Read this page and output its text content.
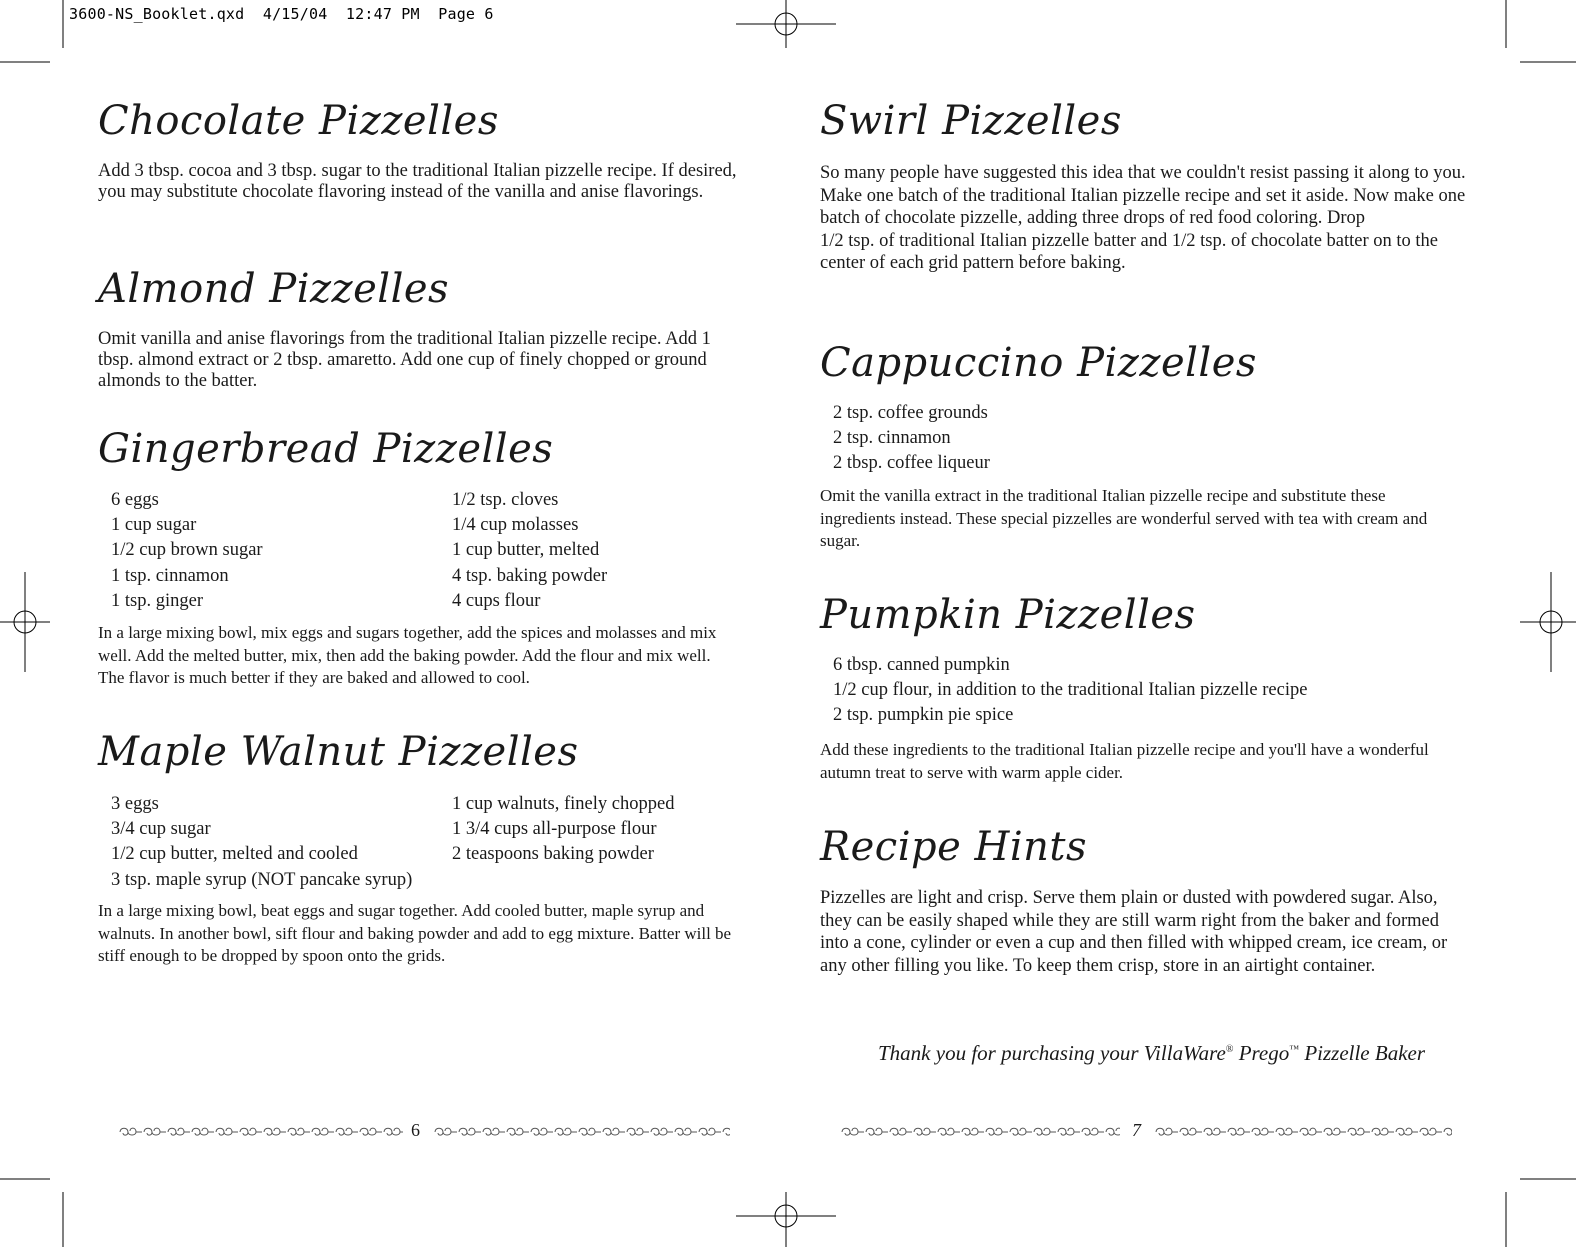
3600-NS_Booklet.qxd  4/15/04  12:47 PM  Page 6
Chocolate Pizzelles
Add 3 tbsp. cocoa and 3 tbsp. sugar to the traditional Italian pizzelle recipe. If desired, you may substitute chocolate flavoring instead of the vanilla and anise flavorings.
Almond Pizzelles
Omit vanilla and anise flavorings from the traditional Italian pizzelle recipe. Add 1 tbsp. almond extract or 2 tbsp. amaretto. Add one cup of finely chopped or ground almonds to the batter.
Gingerbread Pizzelles
6 eggs
1 cup sugar
1/2 cup brown sugar
1 tsp. cinnamon
1 tsp. ginger
1/2 tsp. cloves
1/4 cup molasses
1 cup butter, melted
4 tsp. baking powder
4 cups flour
In a large mixing bowl, mix eggs and sugars together, add the spices and molasses and mix well. Add the melted butter, mix, then add the baking powder. Add the flour and mix well. The flavor is much better if they are baked and allowed to cool.
Maple Walnut Pizzelles
3 eggs
3/4 cup sugar
1/2 cup butter, melted and cooled
3 tsp. maple syrup (NOT pancake syrup)
1 cup walnuts, finely chopped
1 3/4 cups all-purpose flour
2 teaspoons baking powder
In a large mixing bowl, beat eggs and sugar together. Add cooled butter, maple syrup and walnuts. In another bowl, sift flour and baking powder and add to egg mixture. Batter will be stiff enough to be dropped by spoon onto the grids.
Swirl Pizzelles
So many people have suggested this idea that we couldn't resist passing it along to you. Make one batch of the traditional Italian pizzelle recipe and set it aside. Now make one batch of chocolate pizzelle, adding three drops of red food coloring. Drop
1/2 tsp. of traditional Italian pizzelle batter and 1/2 tsp. of chocolate batter on to the center of each grid pattern before baking.
Cappuccino Pizzelles
2 tsp. coffee grounds
2 tsp. cinnamon
2 tbsp. coffee liqueur
Omit the vanilla extract in the traditional Italian pizzelle recipe and substitute these ingredients instead. These special pizzelles are wonderful served with tea with cream and sugar.
Pumpkin Pizzelles
6 tbsp. canned pumpkin
1/2 cup flour, in addition to the traditional Italian pizzelle recipe
2 tsp. pumpkin pie spice
Add these ingredients to the traditional Italian pizzelle recipe and you'll have a wonderful autumn treat to serve with warm apple cider.
Recipe Hints
Pizzelles are light and crisp. Serve them plain or dusted with powdered sugar. Also, they can be easily shaped while they are still warm right from the baker and formed into a cone, cylinder or even a cup and then filled with whipped cream, ice cream, or any other filling you like. To keep them crisp, store in an airtight container.
Thank you for purchasing your VillaWare® Prego™ Pizzelle Baker
6	7
